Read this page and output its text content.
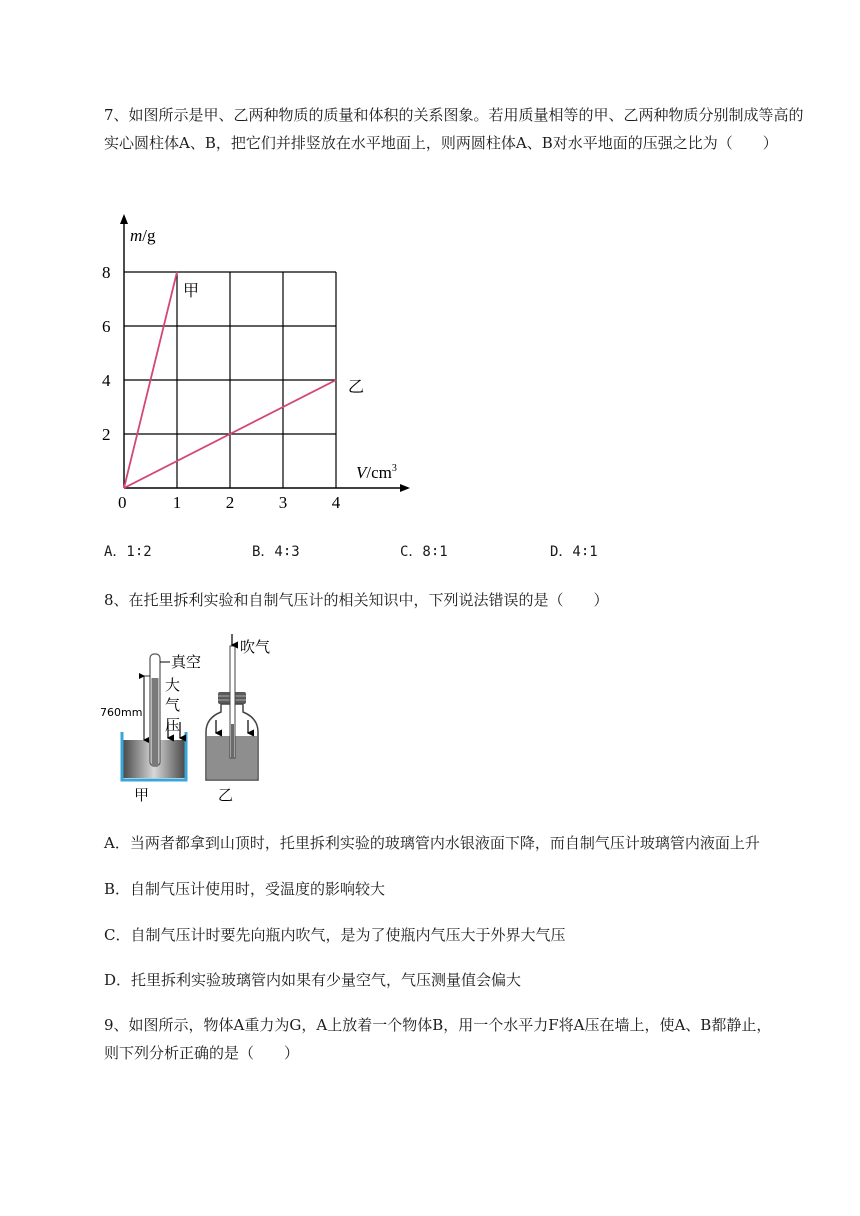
7、如图所示是甲、乙两种物质的质量和体积的关系图象。若用质量相等的甲、乙两种物质分别制成等高的实心圆柱体A、B，把它们并排竖放在水平地面上，则两圆柱体A、B对水平地面的压强之比为（　　）

甲
乙
0	1	2	3	4
2
4
6
8
m/g
$V/cm^3$
A．1∶2	B．4∶3	C．8∶1	D．4∶1
8、在托里拆利实验和自制气压计的相关知识中，下列说法错误的是（　　）
真空
大
气
压
760mm
甲
吹气
乙
A．当两者都拿到山顶时，托里拆利实验的玻璃管内水银液面下降，而自制气压计玻璃管内液面上升
B．自制气压计使用时，受温度的影响较大
C．自制气压计时要先向瓶内吹气，是为了使瓶内气压大于外界大气压
D．托里拆利实验玻璃管内如果有少量空气，气压测量值会偏大
9、如图所示，物体A重力为G，A上放着一个物体B，用一个水平力F将A压在墙上，使A、B都静止，
则下列分析正确的是（　　）
